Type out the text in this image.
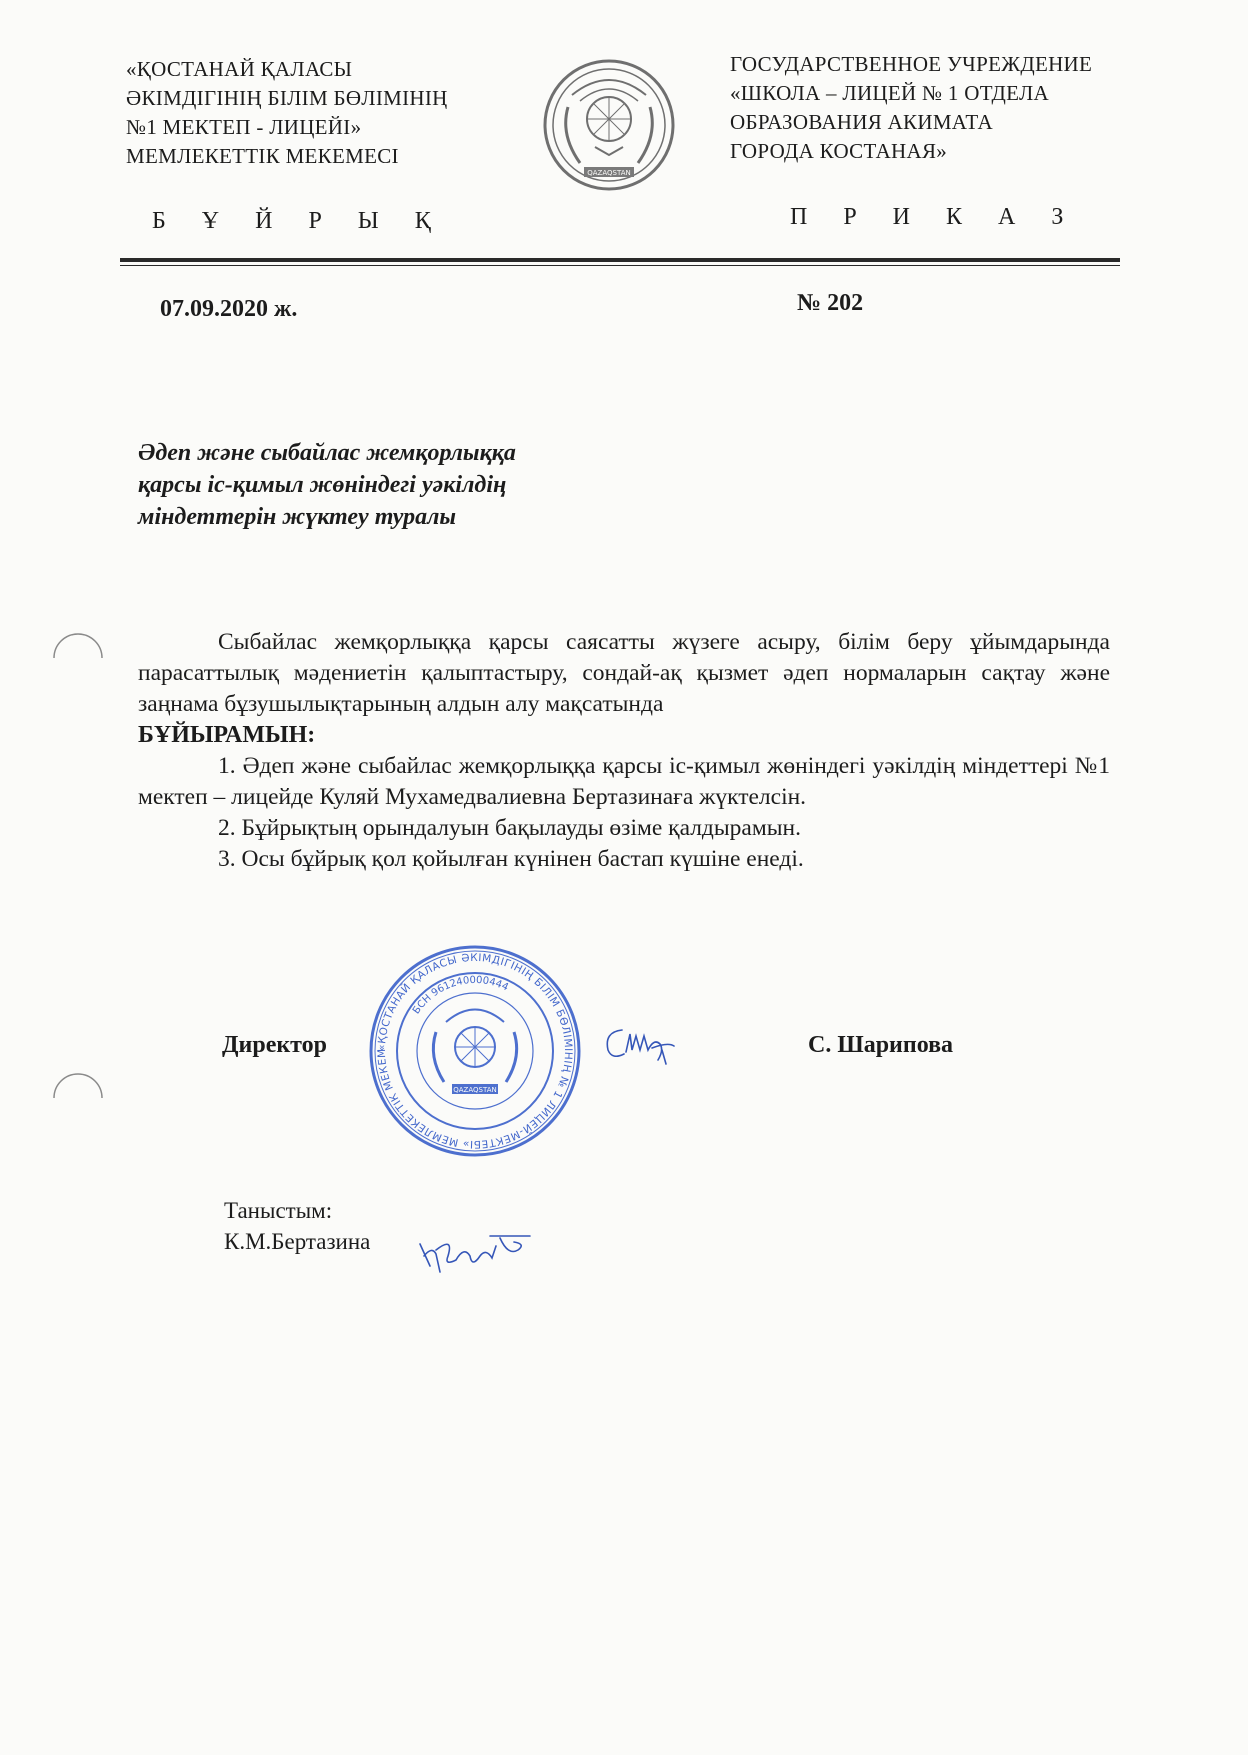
«ҚОСТАНАЙ ҚАЛАСЫ
ӘКІМДІГІНІҢ БІЛІМ БӨЛІМІНІҢ
№1 МЕКТЕП - ЛИЦЕЙІ»
МЕМЛЕКЕТТІК МЕКЕМЕСІ
QAZAQSTAN
ГОСУДАРСТВЕННОЕ УЧРЕЖДЕНИЕ
«ШКОЛА – ЛИЦЕЙ № 1 ОТДЕЛА
ОБРАЗОВАНИЯ АКИМАТА
ГОРОДА КОСТАНАЯ»
Б Ұ Й Р Ы Қ	П Р И К А З
07.09.2020 ж.	№ 202
Әдеп және сыбайлас жемқорлыққа
қарсы іс-қимыл жөніндегі уәкілдің
міндеттерін жүктеу туралы

Сыбайлас жемқорлыққа қарсы саясатты жүзеге асыру, білім беру ұйымдарында парасаттылық мәдениетін қалыптастыру, сондай-ақ қызмет әдеп нормаларын сақтау және заңнама бұзушылықтарының алдын алу мақсатында

БҰЙЫРАМЫН:

1. Әдеп және сыбайлас жемқорлыққа қарсы іс-қимыл жөніндегі уәкілдің міндеттері №1 мектеп – лицейде Куляй Мухамедвалиевна Бертазинаға жүктелсін.

2. Бұйрықтың орындалуын бақылауды өзіме қалдырамын.

3. Осы бұйрық қол қойылған күнінен бастап күшіне енеді.

Директор	«ҚОСТАНАЙ ҚАЛАСЫ ӘКІМДІГІНІҢ БІЛІМ БӨЛІМІНІҢ № 1 ЛИЦЕЙ-МЕКТЕБІ» МЕМЛЕКЕТТІК МЕКЕМ
БСН 961240000444
QAZAQSTAN
С. Шарипова
Таныстым:
К.М.Бертазина
